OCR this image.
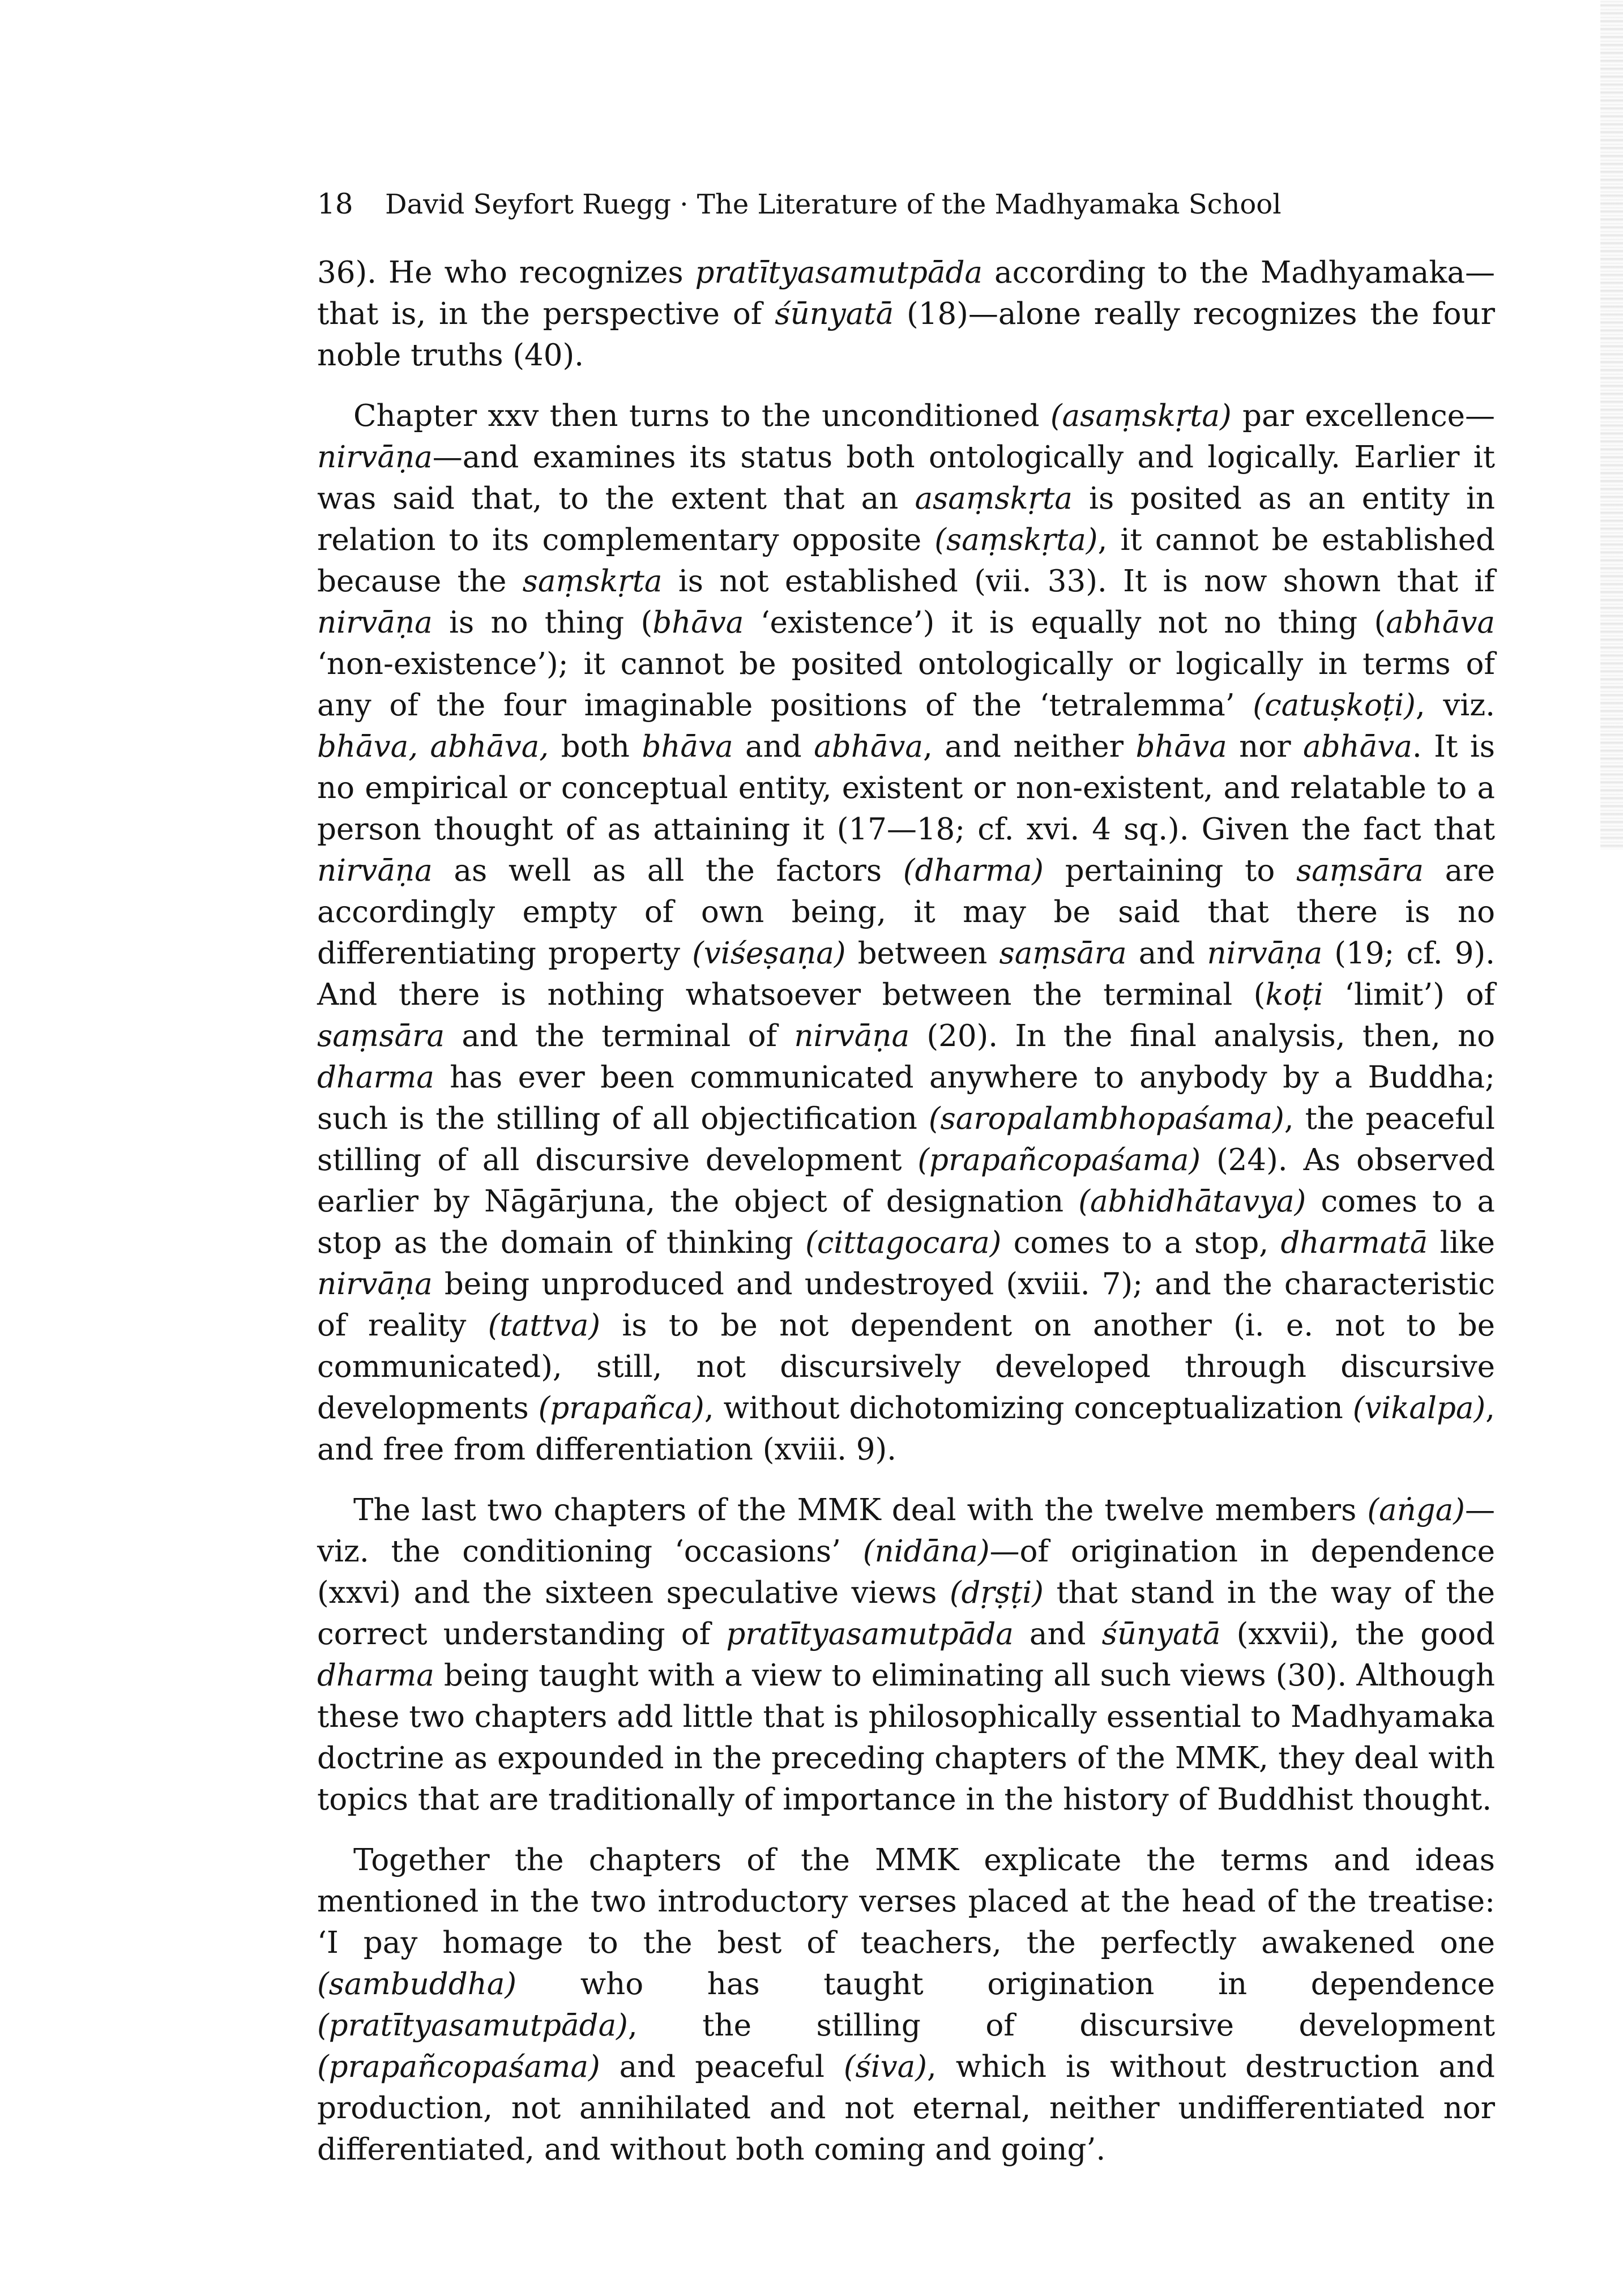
18	David Seyfort Ruegg · The Literature of the Madhyamaka School

36). He who recognizes pratītyasamutpāda according to the Madhyamaka—that is, in the perspective of śūnyatā (18)—alone really recognizes the four noble truths (40).

Chapter xxv then turns to the unconditioned (asaṃskṛta) par excellence—nirvāṇa—and examines its status both ontologically and logically. Earlier it was said that, to the extent that an asaṃskṛta is posited as an entity in relation to its complementary opposite (saṃskṛta), it cannot be established because the saṃskṛta is not established (vii. 33). It is now shown that if nirvāṇa is no thing (bhāva ‘existence’) it is equally not no thing (abhāva ‘non-existence’); it cannot be posited ontologically or logically in terms of any of the four imaginable positions of the ‘tetralemma’ (catuṣkoṭi), viz. bhāva, abhāva, both bhāva and abhāva, and neither bhāva nor abhāva. It is no empirical or conceptual entity, existent or non-existent, and relatable to a person thought of as attaining it (17—18; cf. xvi. 4 sq.). Given the fact that nirvāṇa as well as all the factors (dharma) pertaining to saṃsāra are accordingly empty of own being, it may be said that there is no differentiating property (viśeṣaṇa) between saṃsāra and nirvāṇa (19; cf. 9). And there is nothing whatsoever between the terminal (koṭi ‘limit’) of saṃsāra and the terminal of nirvāṇa (20). In the final analysis, then, no dharma has ever been communicated anywhere to anybody by a Buddha; such is the stilling of all objectification (saropalambhopaśama), the peaceful stilling of all discursive development (prapañcopaśama) (24). As observed earlier by Nāgārjuna, the object of designation (abhidhātavya) comes to a stop as the domain of thinking (cittagocara) comes to a stop, dharmatā like nirvāṇa being unproduced and undestroyed (xviii. 7); and the characteristic of reality (tattva) is to be not dependent on another (i. e. not to be communicated), still, not discursively developed through discursive developments (prapañca), without dichotomizing conceptualization (vikalpa), and free from differentiation (xviii. 9).

The last two chapters of the MMK deal with the twelve members (aṅga)—viz. the conditioning ‘occasions’ (nidāna)—of origination in dependence (xxvi) and the sixteen speculative views (dṛṣṭi) that stand in the way of the correct understanding of pratītyasamutpāda and śūnyatā (xxvii), the good dharma being taught with a view to eliminating all such views (30). Although these two chapters add little that is philosophically essential to Madhyamaka doctrine as expounded in the preceding chapters of the MMK, they deal with topics that are traditionally of importance in the history of Buddhist thought.

Together the chapters of the MMK explicate the terms and ideas mentioned in the two introductory verses placed at the head of the treatise: ‘I pay homage to the best of teachers, the perfectly awakened one (sambuddha) who has taught origination in dependence (pratītyasamutpāda), the stilling of discursive development (prapañcopaśama) and peaceful (śiva), which is without destruction and production, not annihilated and not eternal, neither undifferentiated nor differentiated, and without both coming and going’.
